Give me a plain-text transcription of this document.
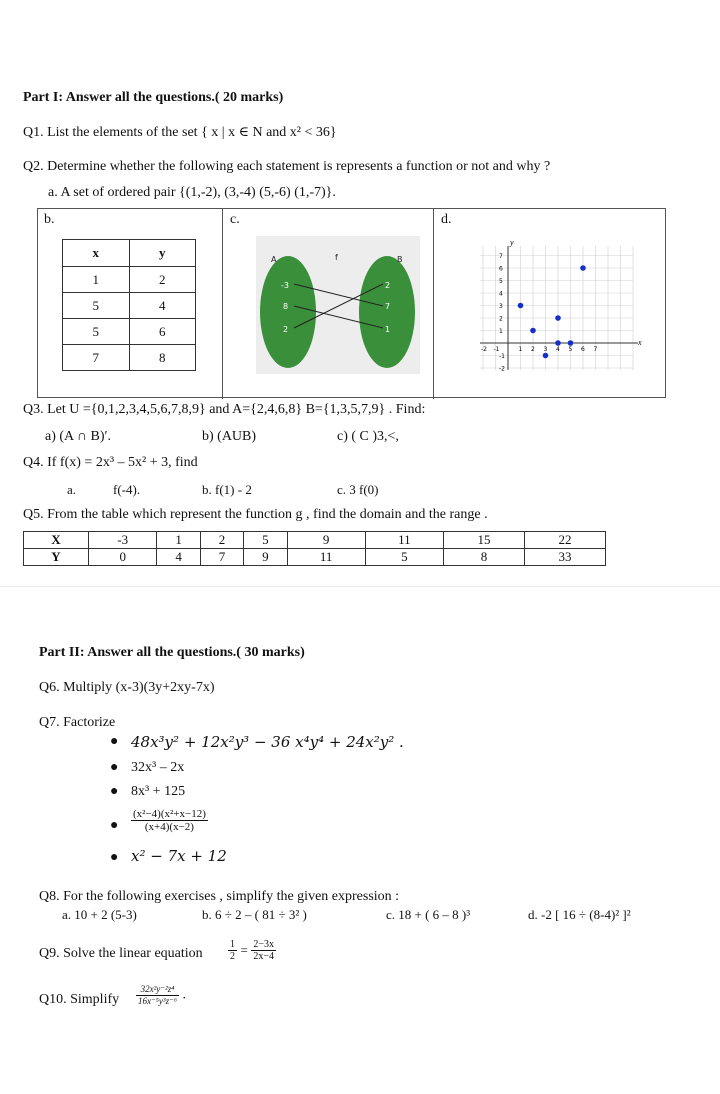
Part I: Answer all the questions.( 20 marks)
Q1. List the elements of the set { x | x ∈ N and x² < 36}
Q2. Determine whether the following each statement is represents a function or not and why ?
a. A set of ordered pair {(1,-2), (3,-4) (5,-6) (1,-7)}.
b.	c.	d.
x	y
1	2
5	4
5	6
7	8
A	f	B
-3
8
2
2
7
1
y
x
7
6
5
4
3
2
1
-1
-2
-2 -1	1 2 3 4 5 6 7
Q3. Let U ={0,1,2,3,4,5,6,7,8,9} and A={2,4,6,8} B={1,3,5,7,9} . Find:
a) (A ∩ B)′.	b) (AUB)	c) ( C )3,<,
Q4. If f(x) = 2x³ – 5x² + 3, find
a.	f(-4).	b. f(1) - 2	c. 3 f(0)
Q5. From the table which represent the function g , find the domain and the range .
X	-3	1	2	5	9	11	15	22
Y	0	4	7	9	11	5	8	33
Part II: Answer all the questions.( 30 marks)
Q6. Multiply (x-3)(3y+2xy-7x)
Q7. Factorize
● 48x³y² + 12x²y³ − 36 x⁴y⁴ + 24x²y² .
● 32x³ – 2x
● 8x³ + 125
● $\frac{\text{(x²−4)(x²+x−12)}}{(x+4)(x-2)}$
● x² − 7x + 12
Q8. For the following exercises , simplify the given expression :
a. 10 + 2 (5-3)	b. 6 ÷ 2 – ( 81 ÷ 3² )	c. 18 + ( 6 – 8 )³	d. -2 [ 16 ÷ (8-4)² ]²
Q9. Solve the linear equation	$\frac{1}{2} = \frac{2-3x}{2x-4}$
Q10. Simplify $\frac{\text{32x²y⁻²z⁴}}{\text{16x⁻⁵y³z⁻⁶}}$ .
